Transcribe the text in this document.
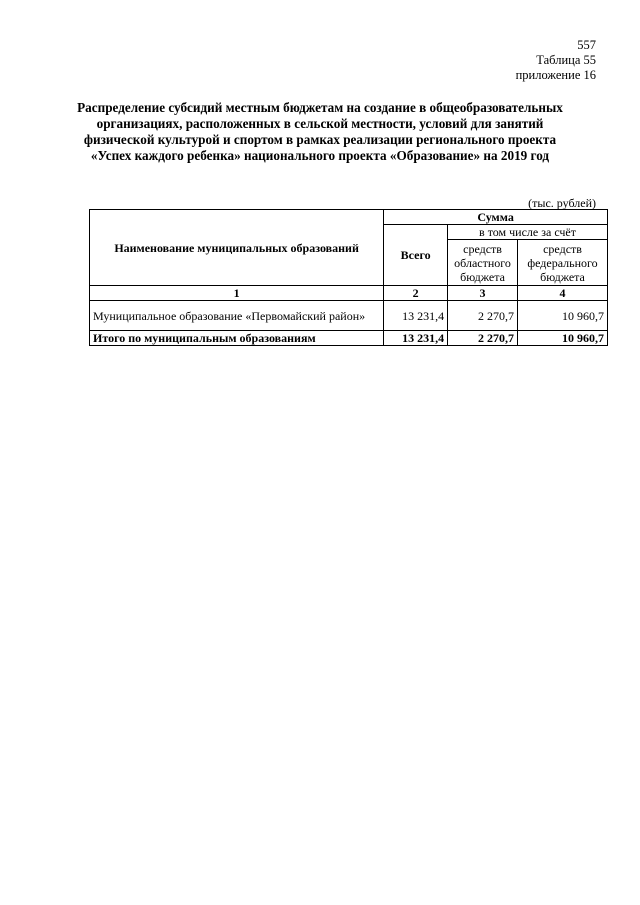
557
Таблица 55
приложение 16
Распределение субсидий местным бюджетам на создание в общеобразовательных организациях, расположенных в сельской местности, условий для занятий физической культурой и спортом в рамках реализации регионального проекта «Успех каждого ребенка» национального проекта «Образование» на 2019 год
(тыс. рублей)
Наименование муниципальных образований	Сумма		
	Всего	в том числе за счёт	
		средств областного бюджета	средств федерального бюджета
1	2	3	4
Муниципальное образование «Первомайский район»	13 231,4	2 270,7	10 960,7
Итого по муниципальным образованиям	13 231,4	2 270,7	10 960,7
